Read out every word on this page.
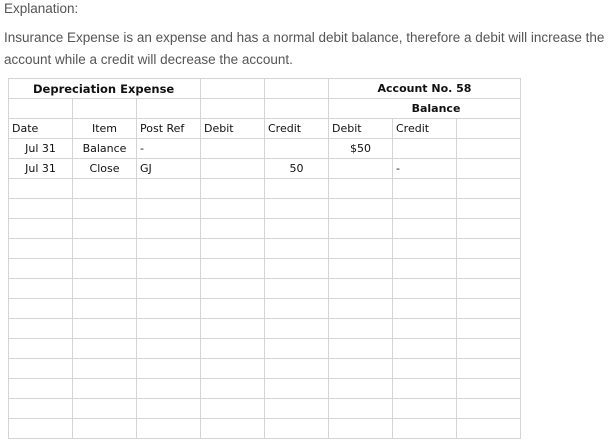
Explanation:
Insurance Expense is an expense and has a normal debit balance, therefore a debit will increase the account while a credit will decrease the account.
Depreciation Expense					Account No. 58		
					Balance		
Date	Item	Post Ref	Debit	Credit	Debit	Credit	
Jul 31	Balance	-			$50		
Jul 31	Close	GJ		50		-	
